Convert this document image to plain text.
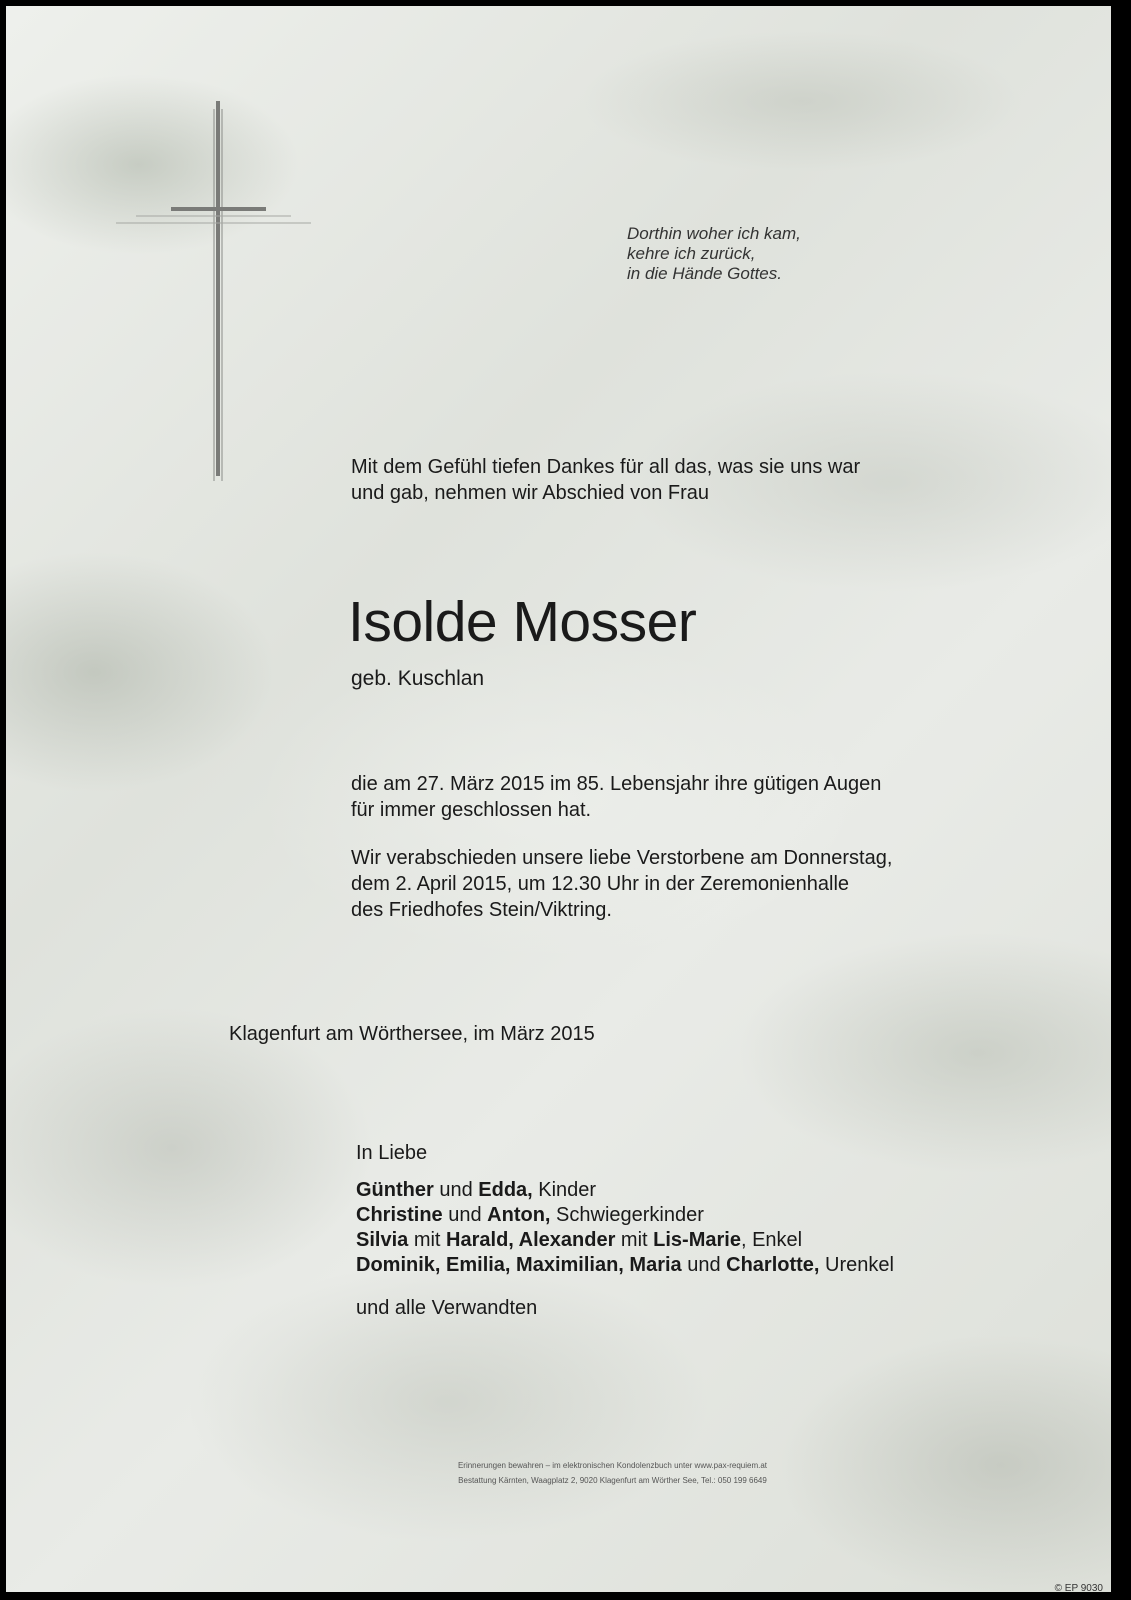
Dorthin woher ich kam,
kehre ich zurück,
in die Hände Gottes.
Mit dem Gefühl tiefen Dankes für all das, was sie uns war
und gab, nehmen wir Abschied von Frau
Isolde Mosser
geb. Kuschlan
die am 27. März 2015 im 85. Lebensjahr ihre gütigen Augen
für immer geschlossen hat.
Wir verabschieden unsere liebe Verstorbene am Donnerstag,
dem 2. April 2015, um 12.30 Uhr in der Zeremonienhalle
des Friedhofes Stein/Viktring.
Klagenfurt am Wörthersee, im März 2015
In Liebe
Günther und Edda, Kinder
Christine und Anton, Schwiegerkinder
Silvia mit Harald, Alexander mit Lis-Marie, Enkel
Dominik, Emilia, Maximilian, Maria und Charlotte, Urenkel
und alle Verwandten
Erinnerungen bewahren – im elektronischen Kondolenzbuch unter www.pax-requiem.at
Bestattung Kärnten, Waagplatz 2, 9020 Klagenfurt am Wörther See, Tel.: 050 199 6649
© EP 9030
